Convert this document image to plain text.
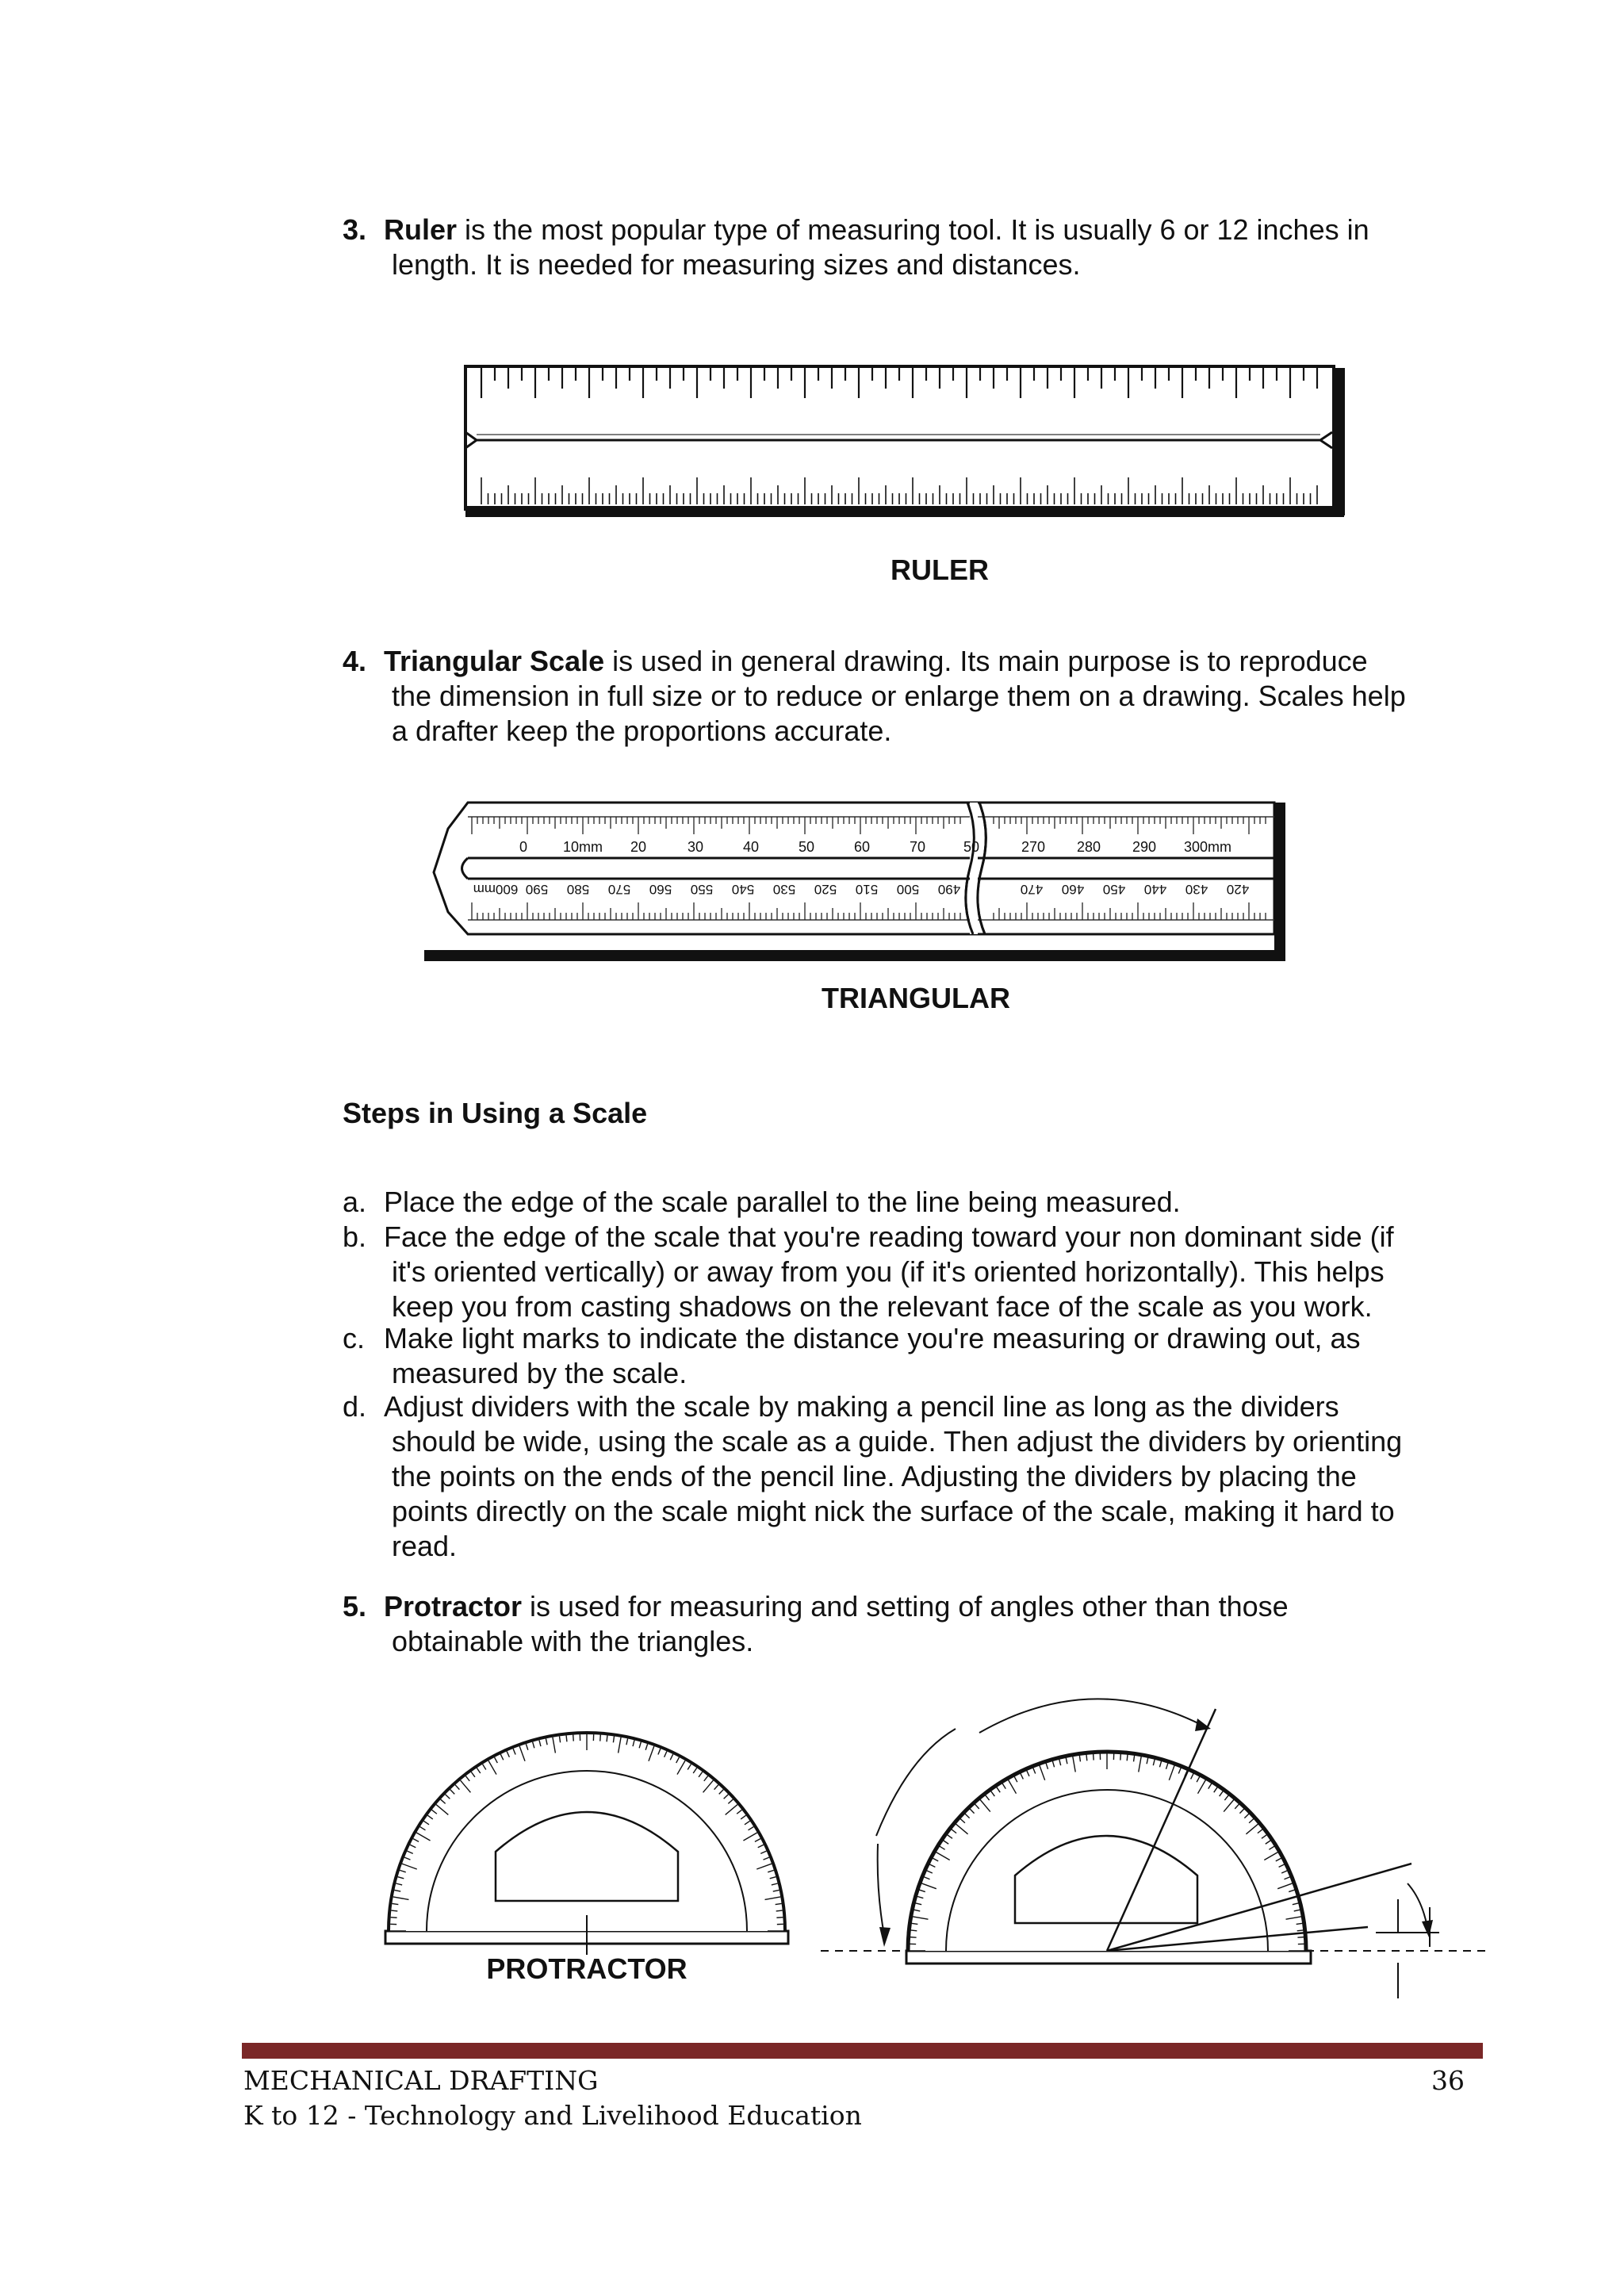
3. Ruler is the most popular type of measuring tool. It is usually 6 or 12 inches in
length. It is needed for measuring sizes and distances.
RULER
4. Triangular Scale is used in general drawing. Its main purpose is to reproduce
the dimension in full size or to reduce or enlarge them on a drawing. Scales help
a drafter keep the proportions accurate.
0 10mm 20	30	40	50	60	70	50	270 280 290 300mm
600mm 590 580 570 560 550 540 530 520 510 500 490	470 460 450 440 430 420
TRIANGULAR
Steps in Using a Scale
a. Place the edge of the scale parallel to the line being measured.
b. Face the edge of the scale that you're reading toward your non dominant side (if
it's oriented vertically) or away from you (if it's oriented horizontally). This helps
keep you from casting shadows on the relevant face of the scale as you work.
c. Make light marks to indicate the distance you're measuring or drawing out, as
measured by the scale.
d. Adjust dividers with the scale by making a pencil line as long as the dividers
should be wide, using the scale as a guide. Then adjust the dividers by orienting
the points on the ends of the pencil line. Adjusting the dividers by placing the
points directly on the scale might nick the surface of the scale, making it hard to
read.
5. Protractor is used for measuring and setting of angles other than those
obtainable with the triangles.
PROTRACTOR
MECHANICAL DRAFTING
K to 12 - Technology and Livelihood Education
36
